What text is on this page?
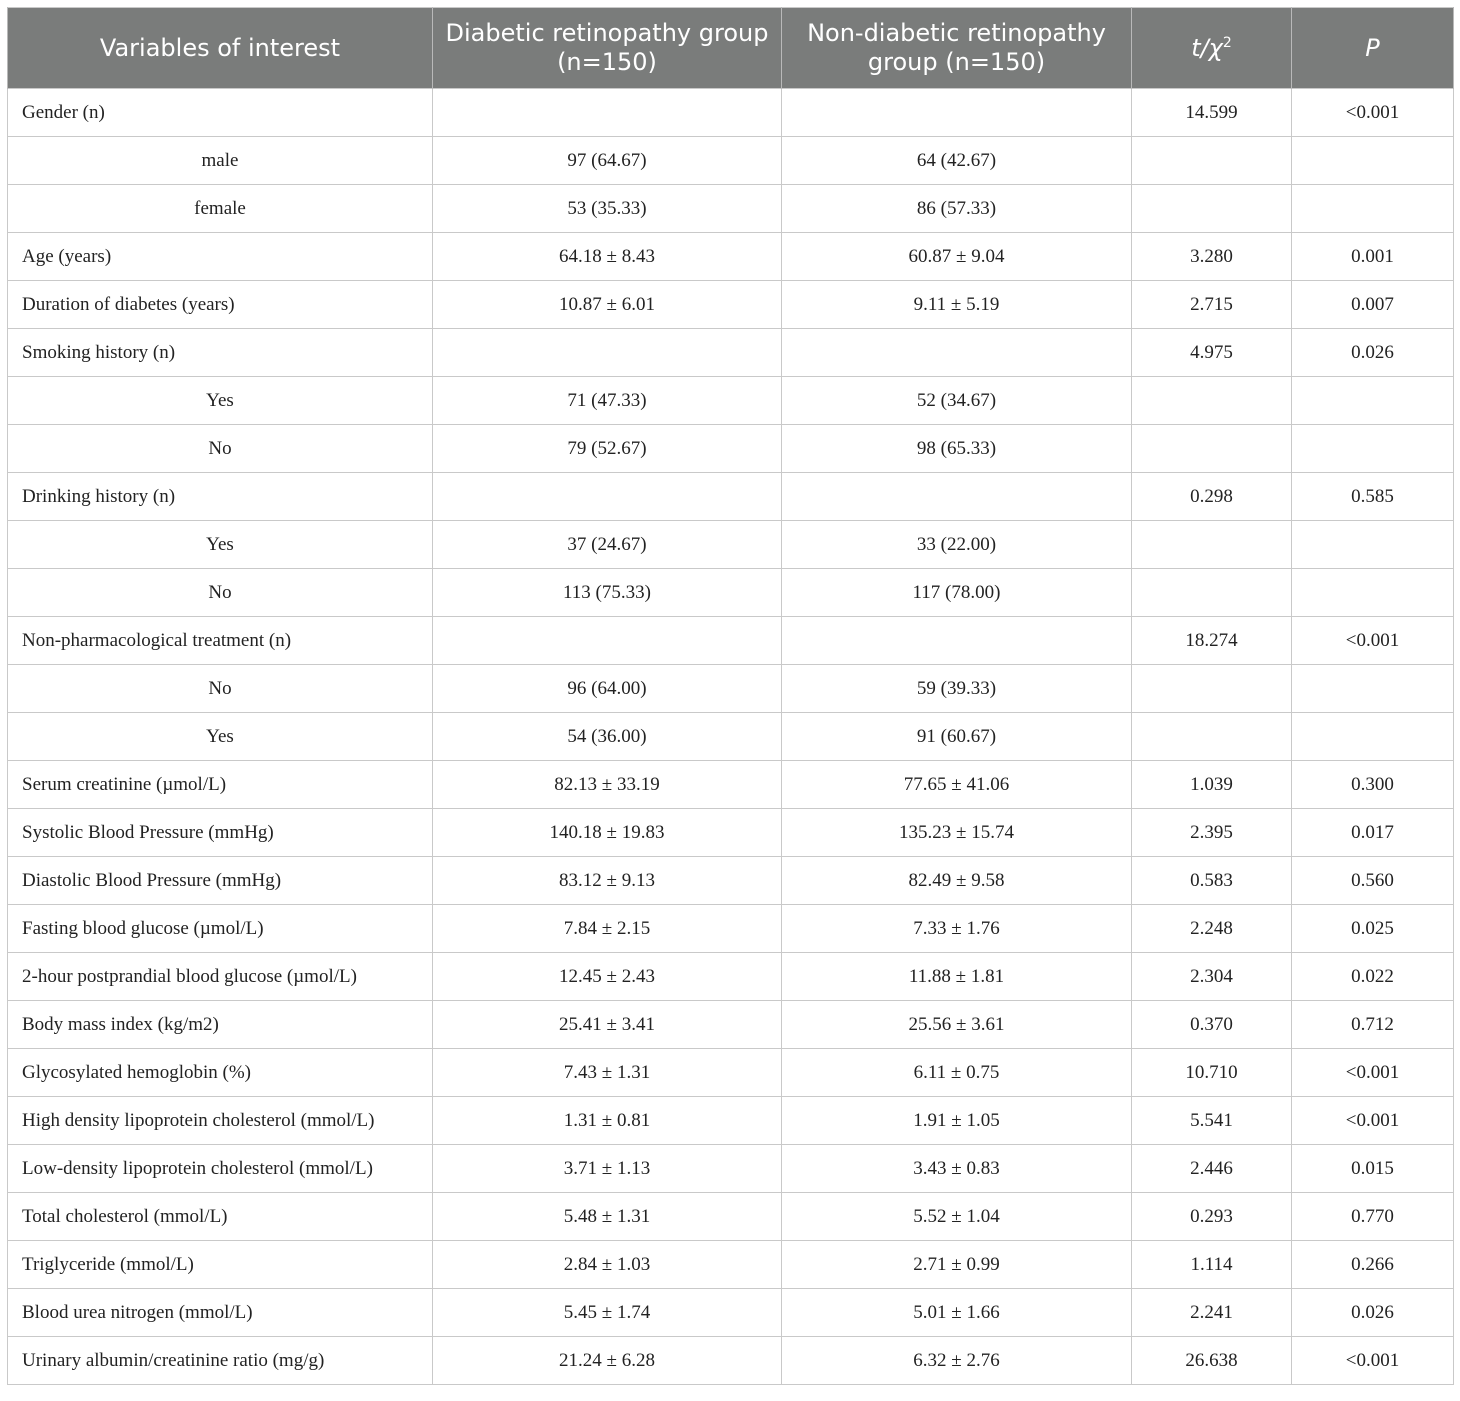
Variables of interest	Diabetic retinopathy group (n=150)	Non-diabetic retinopathy group (n=150)	$t/\chi^2$	P
Gender (n)			14.599	<0.001
male	97 (64.67)	64 (42.67)		
female	53 (35.33)	86 (57.33)		
Age (years)	64.18 ± 8.43	60.87 ± 9.04	3.280	0.001
Duration of diabetes (years)	10.87 ± 6.01	9.11 ± 5.19	2.715	0.007
Smoking history (n)			4.975	0.026
Yes	71 (47.33)	52 (34.67)		
No	79 (52.67)	98 (65.33)		
Drinking history (n)			0.298	0.585
Yes	37 (24.67)	33 (22.00)		
No	113 (75.33)	117 (78.00)		
Non-pharmacological treatment (n)			18.274	<0.001
No	96 (64.00)	59 (39.33)		
Yes	54 (36.00)	91 (60.67)		
Serum creatinine (µmol/L)	82.13 ± 33.19	77.65 ± 41.06	1.039	0.300
Systolic Blood Pressure (mmHg)	140.18 ± 19.83	135.23 ± 15.74	2.395	0.017
Diastolic Blood Pressure (mmHg)	83.12 ± 9.13	82.49 ± 9.58	0.583	0.560
Fasting blood glucose (µmol/L)	7.84 ± 2.15	7.33 ± 1.76	2.248	0.025
2-hour postprandial blood glucose (µmol/L)	12.45 ± 2.43	11.88 ± 1.81	2.304	0.022
Body mass index (kg/m2)	25.41 ± 3.41	25.56 ± 3.61	0.370	0.712
Glycosylated hemoglobin (%)	7.43 ± 1.31	6.11 ± 0.75	10.710	<0.001
High density lipoprotein cholesterol (mmol/L)	1.31 ± 0.81	1.91 ± 1.05	5.541	<0.001
Low-density lipoprotein cholesterol (mmol/L)	3.71 ± 1.13	3.43 ± 0.83	2.446	0.015
Total cholesterol (mmol/L)	5.48 ± 1.31	5.52 ± 1.04	0.293	0.770
Triglyceride (mmol/L)	2.84 ± 1.03	2.71 ± 0.99	1.114	0.266
Blood urea nitrogen (mmol/L)	5.45 ± 1.74	5.01 ± 1.66	2.241	0.026
Urinary albumin/creatinine ratio (mg/g)	21.24 ± 6.28	6.32 ± 2.76	26.638	<0.001
